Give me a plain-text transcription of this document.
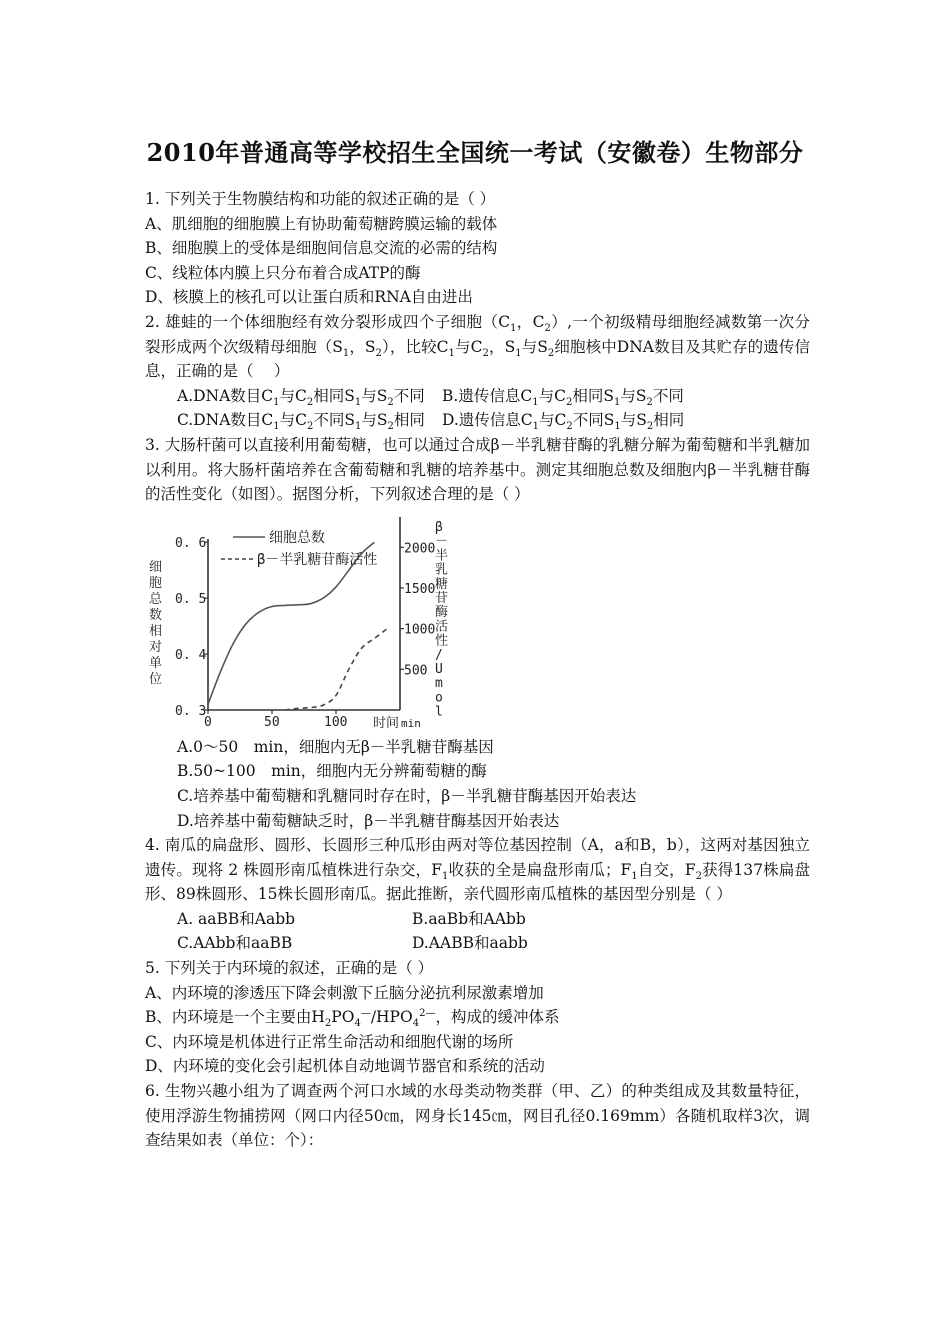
2010年普通高等学校招生全国统一考试（安徽卷）生物部分
1. 下列关于生物膜结构和功能的叙述正确的是（ ）
A、肌细胞的细胞膜上有协助葡萄糖跨膜运输的载体
B、细胞膜上的受体是细胞间信息交流的必需的结构
C、线粒体内膜上只分布着合成ATP的酶
D、核膜上的核孔可以让蛋白质和RNA自由进出
2. 雄蛙的一个体细胞经有效分裂形成四个子细胞（$C_1$，$C_2$）,一个初级精母细胞经减数第一次分裂形成两个次级精母细胞（$S_1$，$S_2$），比较$C_1$与$C_2$，$S_1$与$S_2$细胞核中DNA数目及其贮存的遗传信息，正确的是（　 ）
A.DNA数目$C_1$与$C_2$相同$S_1$与$S_2$不同	B.遗传信息$C_1$与$C_2$相同$S_1$与$S_2$不同
C.DNA数目$C_1$与$C_2$不同$S_1$与$S_2$相同	D.遗传信息$C_1$与$C_2$不同$S_1$与$S_2$相同
3. 大肠杆菌可以直接利用葡萄糖，也可以通过合成β－半乳糖苷酶的乳糖分解为葡萄糖和半乳糖加以利用。将大肠杆菌培养在含葡萄糖和乳糖的培养基中。测定其细胞总数及细胞内β－半乳糖苷酶的活性变化（如图）。据图分析，下列叙述合理的是（ ）
0. 3
0. 4
0. 5
0. 6
500
1000
1500
2000
0	50	100
细胞总数
β－半乳糖苷酶活性
细胞总数相对单位
β －半乳糖苷酶活性/ U m o l
时间 min
A.0～50　min，细胞内无β－半乳糖苷酶基因
B.50~100　min，细胞内无分辨葡萄糖的酶
C.培养基中葡萄糖和乳糖同时存在时，β－半乳糖苷酶基因开始表达
D.培养基中葡萄糖缺乏时，β－半乳糖苷酶基因开始表达
4. 南瓜的扁盘形、圆形、长圆形三种瓜形由两对等位基因控制（A，a和B，b），这两对基因独立遗传。现将 2 株圆形南瓜植株进行杂交，$F_1$收获的全是扁盘形南瓜；$F_1$自交，$F_2$获得137株扁盘形、89株圆形、15株长圆形南瓜。据此推断，亲代圆形南瓜植株的基因型分别是（ ）
A. aaBB和Aabb	B.aaBb和AAbb
C.AAbb和aaBB	D.AABB和aabb
5. 下列关于内环境的叙述，正确的是（ ）
A、内环境的渗透压下降会刺激下丘脑分泌抗利尿激素增加
B、内环境是一个主要由$H_2PO_4^—/HPO_4^{2—}$，构成的缓冲体系
C、内环境是机体进行正常生命活动和细胞代谢的场所
D、内环境的变化会引起机体自动地调节器官和系统的活动
6. 生物兴趣小组为了调查两个河口水域的水母类动物类群（甲、乙）的种类组成及其数量特征，使用浮游生物捕捞网（网口内径50㎝，网身长145㎝，网目孔径0.169mm）各随机取样3次，调查结果如表（单位：个）：
